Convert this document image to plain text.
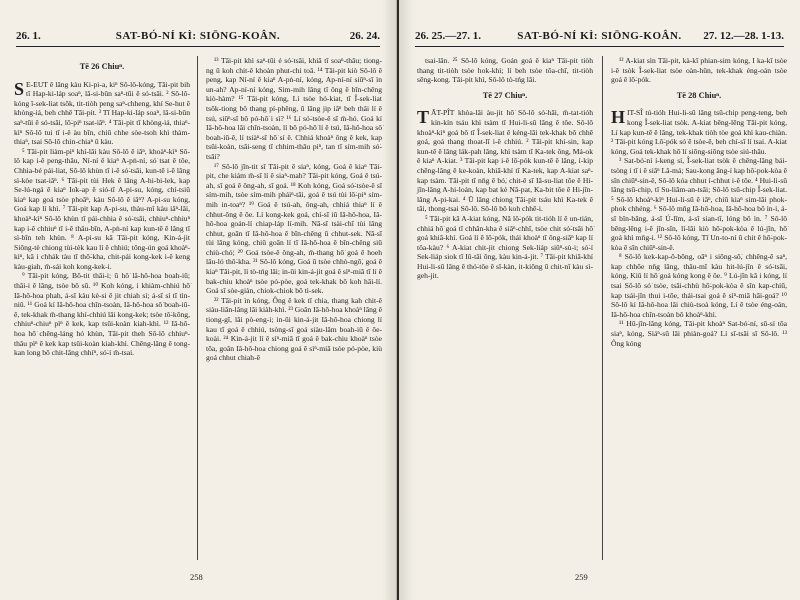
26. 1.	SAT-BÓ-NÍ KÌ: SIŌNG-KOÂN.	26. 24.
Tē 26 Chiuⁿ.

SE-EUT ê lâng kàu Ki-pi-a, kiⁿ Sô-lô-kóng, Tāi-pit bih tī Hap-ki-láp soaⁿ, lâ-si-bûn saⁿ-tūi ê só-tsāi. ² Sô-lô-kóng î-sek-liat tsôk, tit-tiòh peng saⁿ-chheng, khí Se-hut ê khòng-iá, beh chhē Tāi-pit. ³ Tī Hap-ki-láp soaⁿ, lâ-si-bûn saⁿ-tūi ê só-tsāi, lō͘-piⁿ tsat-iâⁿ. ⁴ Tāi-pit tī khòng-iá, thiaⁿ-kìⁿ Sô-lô tui tī i-ê àu bīn, chiū chhe sòe-tsoh khì thàm-thiaⁿ, tsai Sô-lô chin-chiaⁿ ū kàu.

⁵ Tāi-pit liàm-piⁿ khí-lâi kàu Sô-lô ê iâⁿ, khoàⁿ-kìⁿ Sô-lô kap i-ê peng-thâu, Ní-ní ê kiaⁿ A-pṅ-ní, só͘ tsat ê tôe, Chhia-bé pái-liat, Sô-lô khùn tī i-ê só͘-tsāi, kun-tē i-ê lâng sì-kòe tsat-iâⁿ. ⁶ Tāi-pit tùi Hek ê lâng A-hi-bi-lek, kap Se-lú-ngá ê kiaⁿ Io̍k-ap ê sió-tī A-pi-su, kóng, chí-tsiū kiaⁿ kap goá tsòe phoāⁿ, kàu Sô-lô ê iâⁿ? A-pi-su kóng, Goá kap lí khì. ⁷ Tāi-pit kap A-pi-su, thàu-mî kàu iâⁿ-lâi, khoàⁿ-kìⁿ Sô-lô khùn tī pái-chhia ê só͘-tsāi, chhiuⁿ-chhiuⁿ kap i-ê chhiuⁿ tī i-ê thâu-bīn, A-pṅ-ní kap kun-tē ê lâng tī sì-bîn teh khùn. ⁸ A-pi-su kā Tāi-pit kóng, Kin-á-jit Siōng-tè chiong tùi-tèk kau lí ê chhiú; tông-ún goá khoàⁿ-kìⁿ, kā i chhák tàu tī thô͘-kha, chit-pái kong-kek i-ê keng kàu-giah, m̄-sái koh kong-kek-i.

⁹ Tāi-pit kóng, Bô-tit thâi-i; ū hô͘ lâ-hô-hoa boah-iū; thâi-i ê lâng, tsòe bô sū. ¹⁰ Koh kóng, i khiàm-chhiú hō͘ Iâ-hô-hoa phah, á-sī kàu kè-si ê jit chiah sí; á-sī sí tī tìn-niū. ¹¹ Goá kí Iâ-hô-hoa chīn-tsoàn, Iâ-hô-hoa sô͘ boah-iū-ê, tek-khak m̄-thang khí-chhiú lâi kong-kek; tsòe tô͘-kōng, chhiuⁿ-chiuⁿ pìⁿ ê kek, kap tsûi-koàn kiah-khì. ¹² Iâ-hô-hoa hō͘ chēng-láng hó khùn, Tāi-pit theh Sô-lô chhiuⁿ-thâu pìⁿ ê kek kap tsûi-koàn kiah-khì. Chēng-lâng ē tong-kan long bô chit-lâng chhíⁿ, só͘-í m̄-tsai.

¹³ Tāi-pit khì saⁿ-tūi é só͘-tsāi, khiā tī soaⁿ-thâu; tiong-ng ū koh chit-ê khoàn phut-chi toā. ¹⁴ Tāi-pit kiò Sô-lô ê peng, kap Ní-ní ê kiaⁿ A-pṅ-ní, kóng, Ap-ní-ní siūⁿ-sī ìn un-ah? Ap-ní-ní kóng, Sim-mih lâng tī ông ê bīn-chêng kiò-hàm? ¹⁵ Tāi-pit kóng, Lí tsòe hó-kiat, tī Î-sek-liat tsôk-tiong bô thang pí-phêng, ū lâng jip iâⁿ beh thâi lí ê tsú, siūⁿ-sī bô pó-hō͘ i sì? ¹⁶ Lí só͘-tsòe-ê sī m̄-hó. Goá kí Iâ-hô-hoa lâi chīn-tsoàn, lí bô pó-hō͘ lí ê tsú, Iâ-hô-hoa sô͘ boah-iū-ê, lí tsiàⁿ-sī hō͘ sí ê. Chhiá khoàⁿ ông ê kek, kap tsûi-koàn, tsāi-seng tī chhim-thâu piⁿ, tan tī sím-mih só͘-tsāi?

¹⁷ Sô-lô jīn-tit sī Tāi-pit ê siaⁿ, kóng, Goá ê kiaⁿ Tāi-pit, che kiám m̄-sī lí ê siaⁿ-mah? Tāi-pit kóng, Goá ê tsú-ah, sī goá ê ông-ah, sī goá. ¹⁸ Koh kóng, Goá só͘-tsòe-ê sī sím-mih, tsòe sím-mih pháiⁿ-tāi, goá ê tsú tùi lō͘-piⁿ sím-mih in-toaⁿ? ¹⁹ Goá ê tsú-ah, ông-ah, chhiá thiaⁿ lí ê chhut-ông ê ōe. Lí kong-kek goá, chí-sī iū Iâ-hô-hoa, Iâ-hô-hoa goán-lí chiap-láp lí-mih. Nā-sī tsài-chī tùi lâng chhut, goān tī Iâ-hô-hoa ê bīn-chêng ū chhut-sek. Nā-sī tùi lâng kóng, chiū goān lí tī Iâ-hô-hoa ê bīn-chêng siū chiù-chó͘; ²⁰ Goá tsòe-ê ông-ah, m̄-thang hō͘ goá ê hoeh lâu-ló thô͘-kha. ²¹ Sô-lô kóng, Goá ū tsòe chhò-ngō͘, goá ê kiaⁿ Tāi-pit, lí tò-tńg lâi; in-ūi kin-á-jit goá ê sìⁿ-miā tī lí ê bak-chiu khoàⁿ tsòe pó-pòe, goá tek-khak bô koh hāi-lí. Goá sī sòe-giàn, chiok-chiok bô tì-sek.

²² Tāi-pit ìn kóng, Ông ê kek tī chia, thang kah chit-ê siàu-liân-lâng lâi kiàh-khì. ²³ Goân Iâ-hô-hoa khoàⁿ lâng ê tiong-gī, lâi pò-eng-i; in-ūi kin-á-jit Iâ-hô-hoa chiong lí kau tī goá ê chhiú, tsòng-sī goá siàu-lâm boah-iū ê ōe-koài. ²⁴ Kin-á-jit lí ê sìⁿ-miā tī goá ê bak-chiu khoàⁿ tsòe tōa, goân Iâ-hô-hoa chiong goá ê sìⁿ-miā tsòe pó-pòe, kiù goá chhut chiah-ē

258
26. 25.—27. 1.	SAT-BÓ-NÍ KÌ: SIŌNG-KOÂN.	27. 12.—28. 1-13.

tsai-lân. ²⁵ Sô-lô kóng, Goán goá ê kiaⁿ Tāi-pit tiòh thang tit-tiòh tsòe hok-khì; lí beh tsòe tōa-chī, tit-tiòh sēng-kong. Tāi-pit khì, Sô-lô tò-tńg lâi.

Tē 27 Chiuⁿ.

TĀT-PÎT khòa-lâi àu-jit hō͘ Sô-lô só͘-hāi, m̄-tat-tióh kín-kín tsáu khì tsàm tī Hui-li-sū lâng ê tôe. Sô-lô khoàⁿ-kìⁿ goá bô tī Î-sek-liat ê kéng-lāi tek-khak bô chhē goá, goá thang thoat-lī i-ê chhiú. ² Tāi-pit khí-sin, kap kun-tē ê lâng lák-pah lâng, khì tsàm tī Ka-tek ông, Má-ok ê kiaⁿ A-kiat. ³ Tāi-pit kap i-ê lō͘-pók kun-tē ê lâng, í-kip chēng-lâng ê ke-koàn, khiā-khí tī Ka-tek, kap A-kiat saⁿ-kap tsàm. Tāi-pit tī nn̄g ê bó͘, chit-ê sī Iâ-su-liat tôe ê Hi-jîn-lâng A-hi-loán, kap bat kè Nā-pat, Ka-bit tôe ê Hi-jîn-lâng A-pi-kai. ⁴ Ū lâng chiong Tāi-pit tsáu khì Ka-tek ê tāi, thong-tsai Sô-lô. Sô-lô bô koh chhē-i.

⁵ Tāi-pit kā A-kiat kóng, Nā lô͘-pók tit-tióh lí ê un-tián, chhiá hō͘ goá tī chhân-kha ê siâⁿ-chhī, tsòe chit só͘-tsāi hō͘ goá khiā-khí. Goá lí ê lô͘-pók, thái khoàⁿ tī ông-siâⁿ kap lí tôa-kàu? ⁶ A-kiat chit-jit chiong Sek-liáp siûⁿ-sù-i; só͘-í Sek-liáp siok tī Iû-tāi ông, kàu kin-á-jit. ⁷ Tāi-pit khiā-khí Hui-li-sū lâng ê thó͘-tôe ê sî-kàn, it-kiōng ū chit-nî kàu sì-geh-jit.

¹² A-kiat sìn Tāi-pit, kà-kī phian-sim kóng, I ka-kī tsòe i-ê tsòk Î-sek-liat tsòe oàn-hûn, tek-khak éng-oán tsòe goá ê lô͘-pók.

Tē 28 Chiuⁿ.

HIT-SÎ tú-tióh Hui-li-sū lâng tsū-chip peng-teng, beh kong Î-sek-liat tsòk. A-kiat bēng-lēng Tāi-pit kóng, Lí kap kun-tē ê lâng, tek-khak tiòh tòe goá khì kau-chiàn. ² Tāi-pit kóng Lō͘-pók só͘ ē tsòe-ê, beh chí-sī lí tsai. A-kiat kóng, Goá tek-khak hō͘ lí siōng-siōng tsòe siú-thâu.

³ Sat-bó͘-ní í-keng sí, Î-sek-liat tsòk ê chēng-lâng bái-tsòng i tī i ê siâⁿ Lâ-má; Sau-kong āng-í kap hō͘-pok-kòa ê sīn chiūⁿ-sin-ê, Sô-lô kóa chhut í-chhut i-ê tōe. ⁴ Hui-li-sū lâng tsū-chip, tī Su-liām-an-tsāi; Sô-lô tsū-chip Î-sek-liat. ⁵ Sô-lô khoàⁿ-kìⁿ Hui-li-sū ê iâⁿ, chiū kiaⁿ sim-lāi phok-phok chhéng. ⁶ Sô-lô mn̄g Iâ-hô-hoa, Iâ-hô-hoa bô ìn-i, á-sī bîn-bāng, á-sī Ú-lîm, á-sī sian-tī, lóng bô ìn. ⁷ Sô-lô bēng-lēng i-ê jîn-sîn, lí-lâi kiò hō͘-pok-kòa ê lú-jîn, hō͘ goá khì mn̄g-i. ¹² Sô-lô kóng, Tī Un-to-ní ū chit ê hō͘-pok-kòa ê sīn chiūⁿ-sin-ê.

⁸ Sô-lô kek-kap-ô-bōng, oāⁿ i siōng-sō͘, chhēng-ê saⁿ, kap chhōe nn̄g lâng, thâu-mî kàu hit-lú-jîn ê só͘-tsāi, kóng, Kiû lí hō͘ goá kóng kong ê ōe. ⁹ Lú-jîn kā i kóng, lí tsai Sô-lô só͘ tsòe, tsāi-chhù hō͘-pok-kòa ê sîn kap-chiū, kap tsái-jîn thui i-tōe, thái-tsai goá ê sìⁿ-miā hāi-goá? ¹⁰ Sô-lô kí Iâ-hô-hoa lâi chiù-tsoà kóng, Lí ē tsòe éng-oán, Iâ-hô-hoa chīn-tsoàn bô khoàⁿ-khì.

¹¹ Hū-jîn-lâng kóng, Tāi-pit khoàⁿ Sat-bó͘-ní, sū-sí tōa siaⁿ, kóng, Siáⁿ-sū lâi phiàn-goá? Lí sī-tsāi sī Sô-lô. ¹³ Ông kóng

259
